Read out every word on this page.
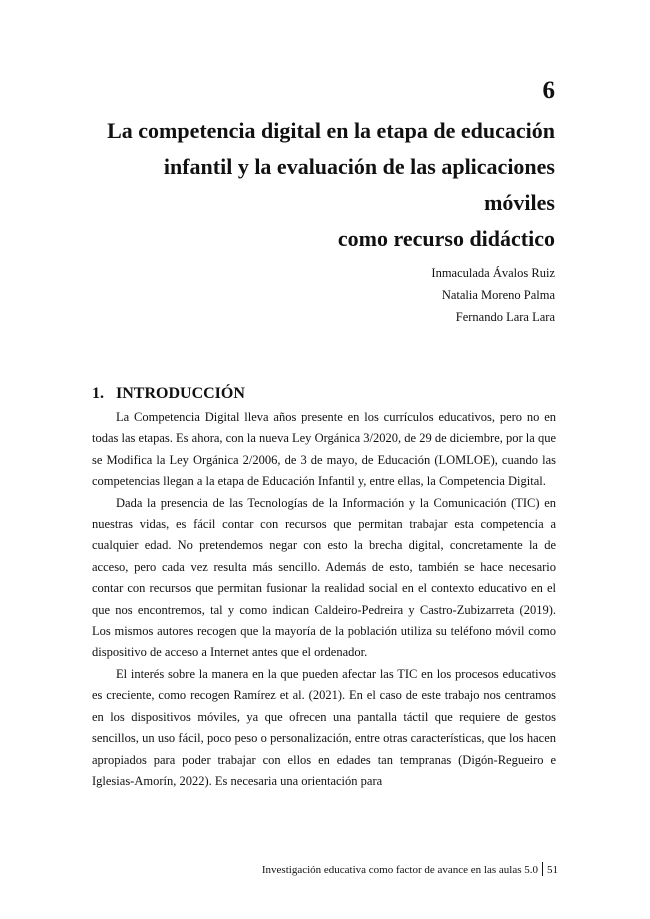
6
La competencia digital en la etapa de educación
infantil y la evaluación de las aplicaciones móviles
como recurso didáctico
Inmaculada Ávalos Ruiz
Natalia Moreno Palma
Fernando Lara Lara
1. INTRODUCCIÓN

La Competencia Digital lleva años presente en los currículos educativos, pero no en todas las etapas. Es ahora, con la nueva Ley Orgánica 3/2020, de 29 de diciembre, por la que se Modifica la Ley Orgánica 2/2006, de 3 de mayo, de Educación (LOMLOE), cuando las competencias llegan a la etapa de Educación Infantil y, entre ellas, la Competencia Digital.

Dada la presencia de las Tecnologías de la Información y la Comunicación (TIC) en nuestras vidas, es fácil contar con recursos que permitan trabajar esta competencia a cualquier edad. No pretendemos negar con esto la brecha digital, concretamente la de acceso, pero cada vez resulta más sencillo. Además de esto, también se hace necesario contar con recursos que permitan fusionar la realidad social en el contexto educativo en el que nos encontremos, tal y como indican Caldeiro-Pedreira y Castro-Zubizarreta (2019). Los mismos autores recogen que la mayoría de la población utiliza su teléfono móvil como dispositivo de acceso a Internet antes que el ordenador.

El interés sobre la manera en la que pueden afectar las TIC en los procesos educativos es creciente, como recogen Ramírez et al. (2021). En el caso de este trabajo nos centramos en los dispositivos móviles, ya que ofrecen una pantalla táctil que requiere de gestos sencillos, un uso fácil, poco peso o personalización, entre otras características, que los hacen apropiados para poder trabajar con ellos en edades tan tempranas (Digón-Regueiro e Iglesias-Amorín, 2022). Es necesaria una orientación para

Investigación educativa como factor de avance en las aulas 5.0 51
